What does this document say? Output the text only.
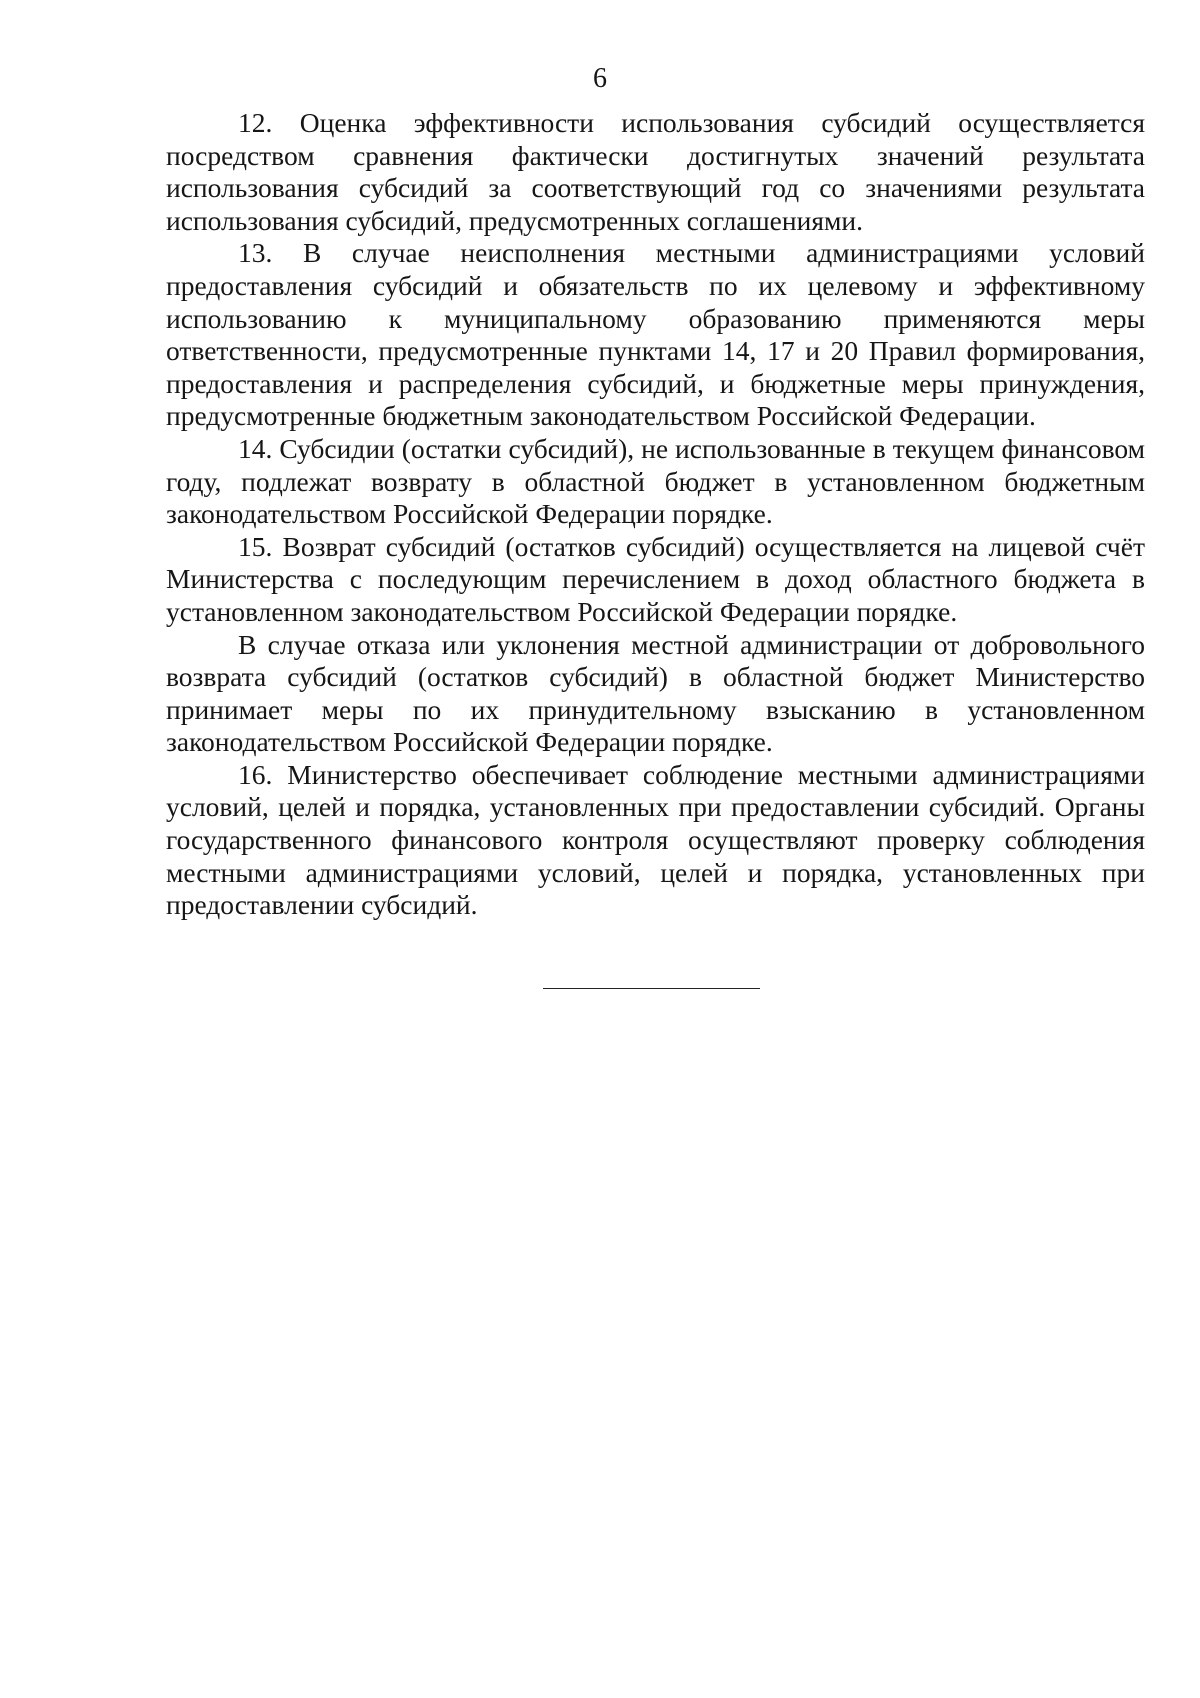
6

12. Оценка эффективности использования субсидий осуществляется посредством сравнения фактически достигнутых значений результата использования субсидий за соответствующий год со значениями результата использования субсидий, предусмотренных соглашениями.

13. В случае неисполнения местными администрациями условий предоставления субсидий и обязательств по их целевому и эффективному использованию к муниципальному образованию применяются меры ответственности, предусмотренные пунктами 14, 17 и 20 Правил формирования, предоставления и распределения субсидий, и бюджетные меры принуждения, предусмотренные бюджетным законодательством Российской Федерации.

14. Субсидии (остатки субсидий), не использованные в текущем финансовом году, подлежат возврату в областной бюджет в установленном бюджетным законодательством Российской Федерации порядке.

15. Возврат субсидий (остатков субсидий) осуществляется на лицевой счёт Министерства с последующим перечислением в доход областного бюджета в установленном законодательством Российской Федерации порядке.

В случае отказа или уклонения местной администрации от добровольного возврата субсидий (остатков субсидий) в областной бюджет Министерство принимает меры по их принудительному взысканию в установленном законодательством Российской Федерации порядке.

16. Министерство обеспечивает соблюдение местными администрациями условий, целей и порядка, установленных при предоставлении субсидий. Органы государственного финансового контроля осуществляют проверку соблюдения местными администрациями условий, целей и порядка, установленных при предоставлении субсидий.
